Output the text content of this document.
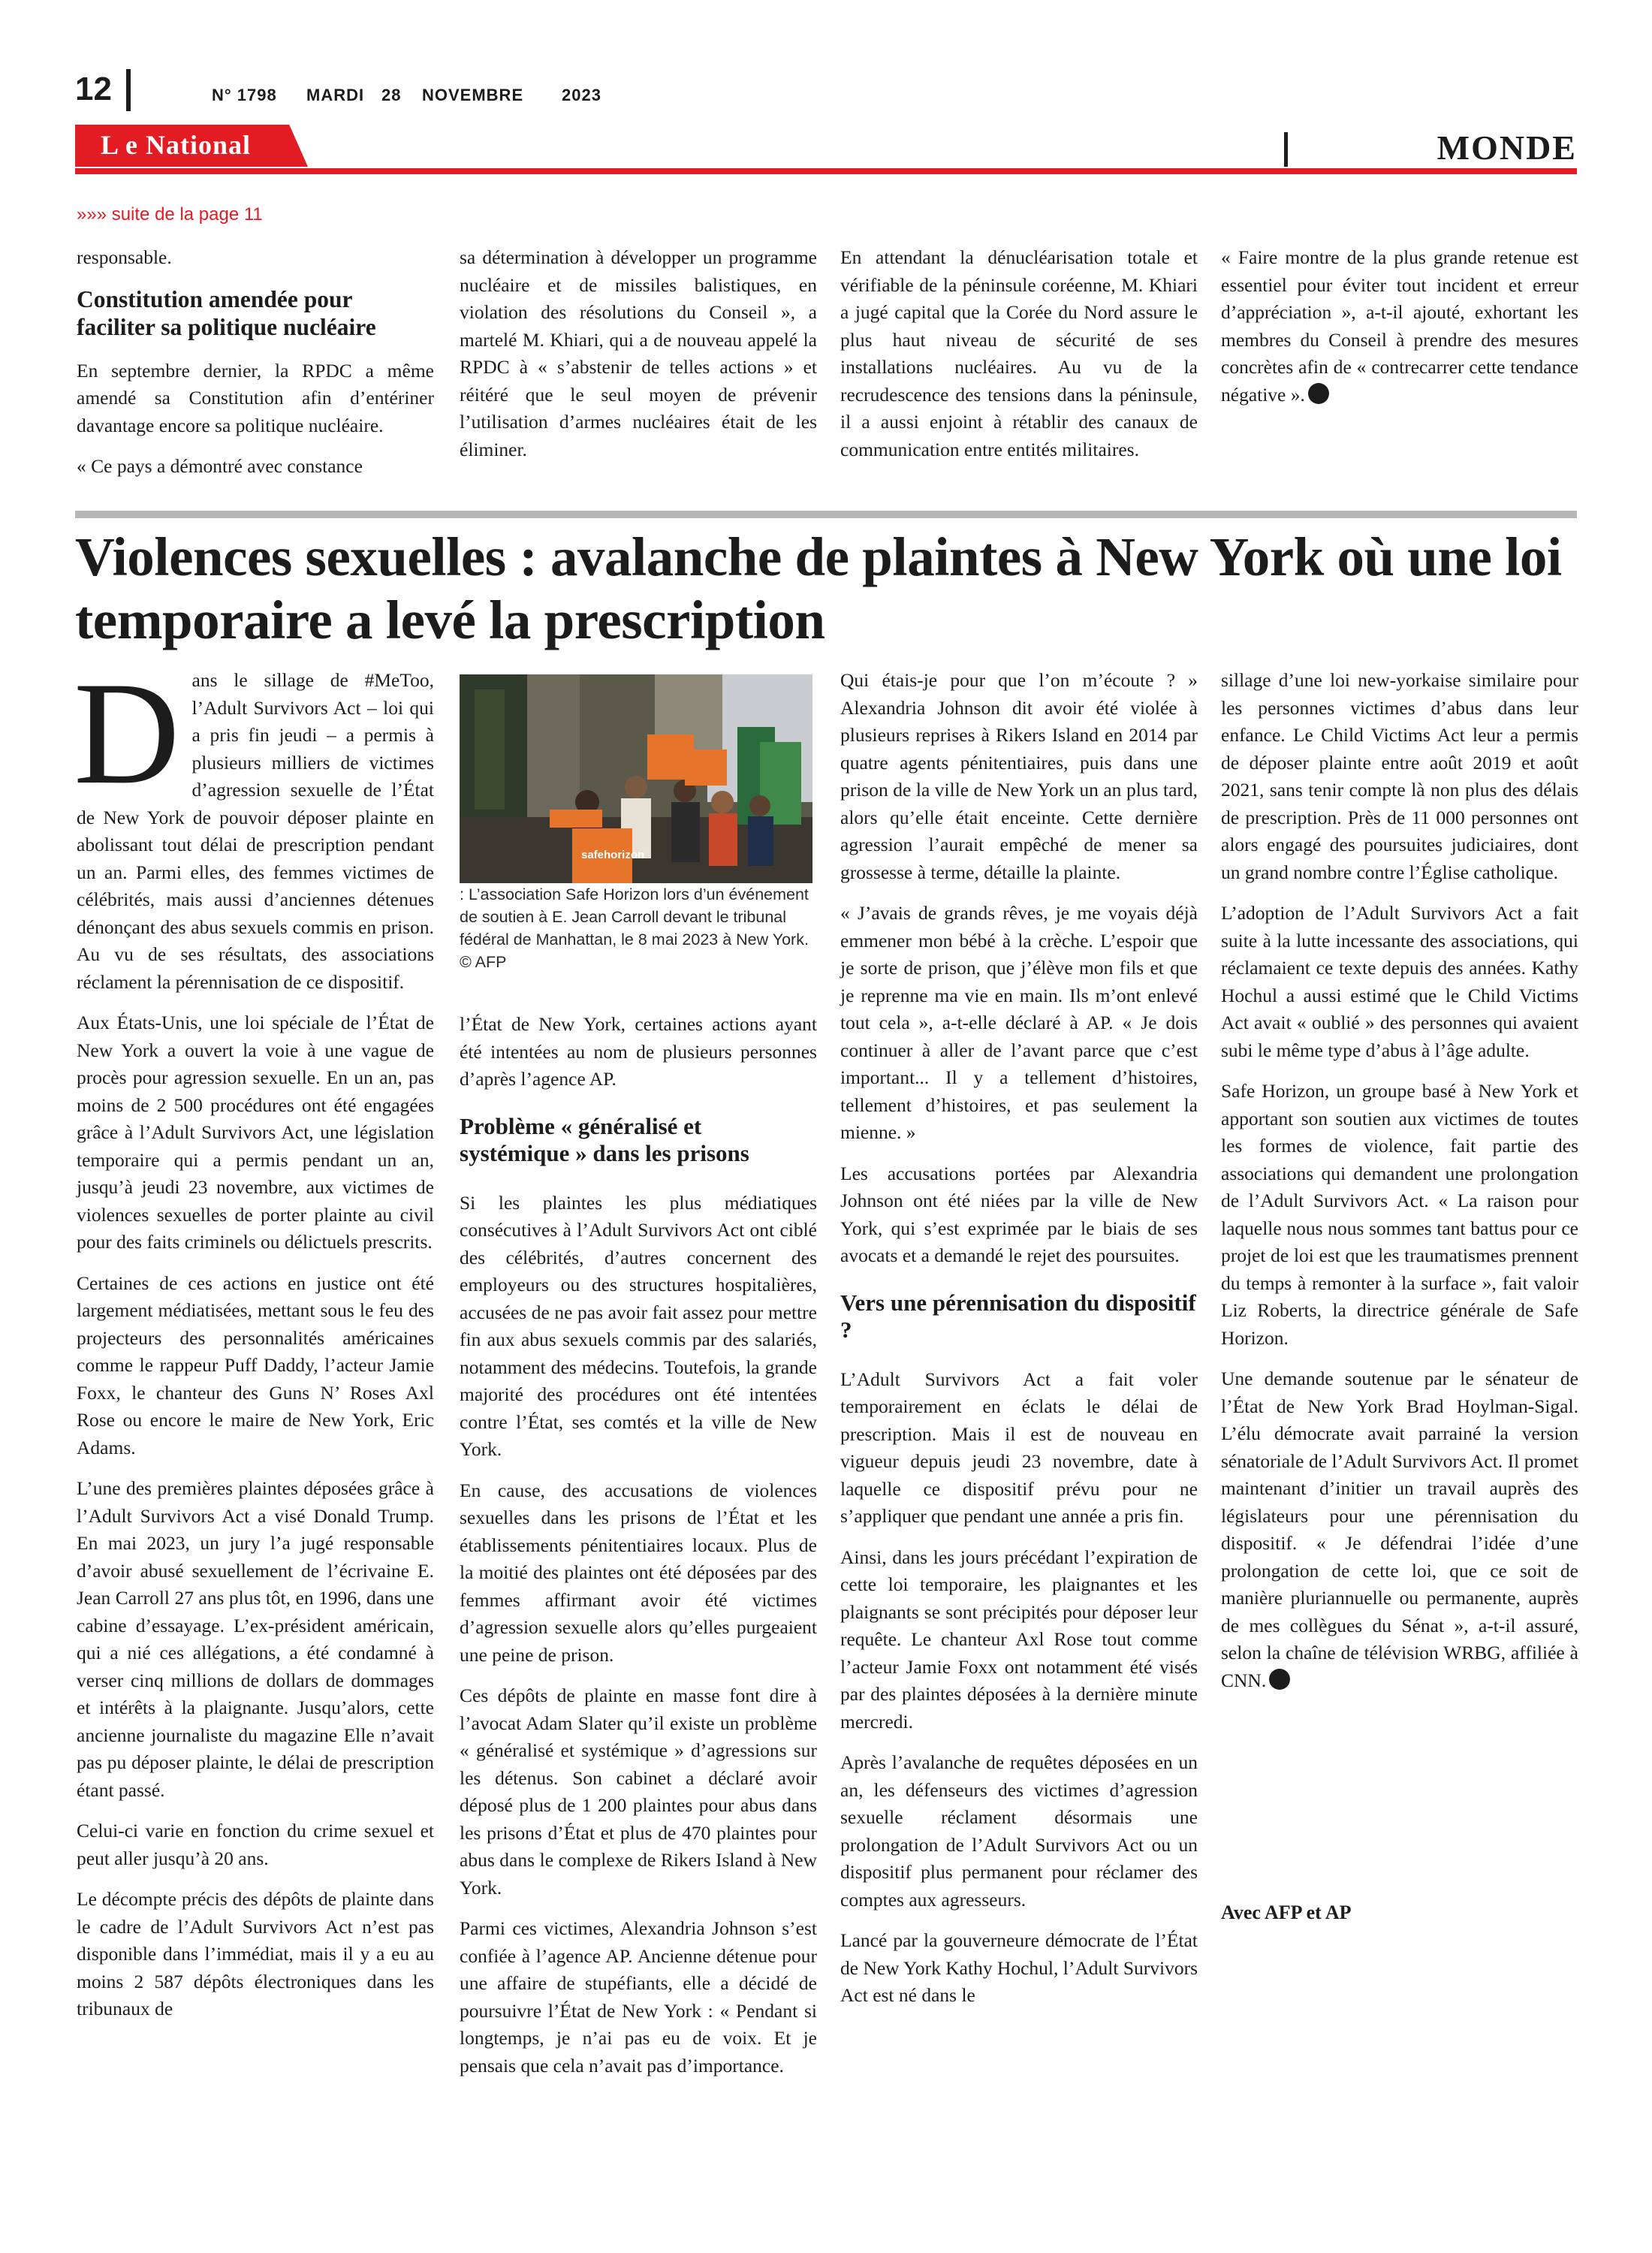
12	N° 1798 MARDI 28 NOVEMBRE 2023
L e National	MONDE
»»» suite de la page 11

responsable.

Constitution amendée pour faciliter sa politique nucléaire

En septembre dernier, la RPDC a même amendé sa Constitution afin d’entériner davantage encore sa politique nucléaire.

« Ce pays a démontré avec constance

sa détermination à développer un programme nucléaire et de missiles balistiques, en violation des résolutions du Conseil », a martelé M. Khiari, qui a de nouveau appelé la RPDC à « s’abstenir de telles actions » et réitéré que le seul moyen de prévenir l’utilisation d’armes nucléaires était de les éliminer.

En attendant la dénucléarisation totale et vérifiable de la péninsule coréenne, M. Khiari a jugé capital que la Corée du Nord assure le plus haut niveau de sécurité de ses installations nucléaires. Au vu de la recrudescence des tensions dans la péninsule, il a aussi enjoint à rétablir des canaux de communication entre entités militaires.

« Faire montre de la plus grande retenue est essentiel pour éviter tout incident et erreur d’appréciation », a-t-il ajouté, exhortant les membres du Conseil à prendre des mesures concrètes afin de « contrecarrer cette tendance négative ».

Violences sexuelles : avalanche de plaintes à New York où une loi temporaire a levé la prescription

Dans le sillage de #MeToo, l’Adult Survivors Act – loi qui a pris fin jeudi – a permis à plusieurs milliers de victimes d’agression sexuelle de l’État de New York de pouvoir déposer plainte en abolissant tout délai de prescription pendant un an. Parmi elles, des femmes victimes de célébrités, mais aussi d’anciennes détenues dénonçant des abus sexuels commis en prison. Au vu de ses résultats, des associations réclament la pérennisation de ce dispositif.

Aux États-Unis, une loi spéciale de l’État de New York a ouvert la voie à une vague de procès pour agression sexuelle. En un an, pas moins de 2 500 procédures ont été engagées grâce à l’Adult Survivors Act, une législation temporaire qui a permis pendant un an, jusqu’à jeudi 23 novembre, aux victimes de violences sexuelles de porter plainte au civil pour des faits criminels ou délictuels prescrits.

Certaines de ces actions en justice ont été largement médiatisées, mettant sous le feu des projecteurs des personnalités américaines comme le rappeur Puff Daddy, l’acteur Jamie Foxx, le chanteur des Guns N’ Roses Axl Rose ou encore le maire de New York, Eric Adams.

L’une des premières plaintes déposées grâce à l’Adult Survivors Act a visé Donald Trump. En mai 2023, un jury l’a jugé responsable d’avoir abusé sexuellement de l’écrivaine E. Jean Carroll 27 ans plus tôt, en 1996, dans une cabine d’essayage. L’ex-président américain, qui a nié ces allégations, a été condamné à verser cinq millions de dollars de dommages et intérêts à la plaignante. Jusqu’alors, cette ancienne journaliste du magazine Elle n’avait pas pu déposer plainte, le délai de prescription étant passé.

Celui-ci varie en fonction du crime sexuel et peut aller jusqu’à 20 ans.

Le décompte précis des dépôts de plainte dans le cadre de l’Adult Survivors Act n’est pas disponible dans l’immédiat, mais il y a eu au moins 2 587 dépôts électroniques dans les tribunaux de

safehorizon
: L’association Safe Horizon lors d’un événement de soutien à E. Jean Carroll devant le tribunal fédéral de Manhattan, le 8 mai 2023 à New York. © AFP

l’État de New York, certaines actions ayant été intentées au nom de plusieurs personnes d’après l’agence AP.

Problème « généralisé et systémique » dans les prisons

Si les plaintes les plus médiatiques consécutives à l’Adult Survivors Act ont ciblé des célébrités, d’autres concernent des employeurs ou des structures hospitalières, accusées de ne pas avoir fait assez pour mettre fin aux abus sexuels commis par des salariés, notamment des médecins. Toutefois, la grande majorité des procédures ont été intentées contre l’État, ses comtés et la ville de New York.

En cause, des accusations de violences sexuelles dans les prisons de l’État et les établissements pénitentiaires locaux. Plus de la moitié des plaintes ont été déposées par des femmes affirmant avoir été victimes d’agression sexuelle alors qu’elles purgeaient une peine de prison.

Ces dépôts de plainte en masse font dire à l’avocat Adam Slater qu’il existe un problème « généralisé et systémique » d’agressions sur les détenus. Son cabinet a déclaré avoir déposé plus de 1 200 plaintes pour abus dans les prisons d’État et plus de 470 plaintes pour abus dans le complexe de Rikers Island à New York.

Parmi ces victimes, Alexandria Johnson s’est confiée à l’agence AP. Ancienne détenue pour une affaire de stupéfiants, elle a décidé de poursuivre l’État de New York : « Pendant si longtemps, je n’ai pas eu de voix. Et je pensais que cela n’avait pas d’importance.

Qui étais-je pour que l’on m’écoute ? » Alexandria Johnson dit avoir été violée à plusieurs reprises à Rikers Island en 2014 par quatre agents pénitentiaires, puis dans une prison de la ville de New York un an plus tard, alors qu’elle était enceinte. Cette dernière agression l’aurait empêché de mener sa grossesse à terme, détaille la plainte.

« J’avais de grands rêves, je me voyais déjà emmener mon bébé à la crèche. L’espoir que je sorte de prison, que j’élève mon fils et que je reprenne ma vie en main. Ils m’ont enlevé tout cela », a-t-elle déclaré à AP. « Je dois continuer à aller de l’avant parce que c’est important... Il y a tellement d’histoires, tellement d’histoires, et pas seulement la mienne. »

Les accusations portées par Alexandria Johnson ont été niées par la ville de New York, qui s’est exprimée par le biais de ses avocats et a demandé le rejet des poursuites.

Vers une pérennisation du dispositif ?

L’Adult Survivors Act a fait voler temporairement en éclats le délai de prescription. Mais il est de nouveau en vigueur depuis jeudi 23 novembre, date à laquelle ce dispositif prévu pour ne s’appliquer que pendant une année a pris fin.

Ainsi, dans les jours précédant l’expiration de cette loi temporaire, les plaignantes et les plaignants se sont précipités pour déposer leur requête. Le chanteur Axl Rose tout comme l’acteur Jamie Foxx ont notamment été visés par des plaintes déposées à la dernière minute mercredi.

Après l’avalanche de requêtes déposées en un an, les défenseurs des victimes d’agression sexuelle réclament désormais une prolongation de l’Adult Survivors Act ou un dispositif plus permanent pour réclamer des comptes aux agresseurs.

Lancé par la gouverneure démocrate de l’État de New York Kathy Hochul, l’Adult Survivors Act est né dans le

sillage d’une loi new-yorkaise similaire pour les personnes victimes d’abus dans leur enfance. Le Child Victims Act leur a permis de déposer plainte entre août 2019 et août 2021, sans tenir compte là non plus des délais de prescription. Près de 11 000 personnes ont alors engagé des poursuites judiciaires, dont un grand nombre contre l’Église catholique.

L’adoption de l’Adult Survivors Act a fait suite à la lutte incessante des associations, qui réclamaient ce texte depuis des années. Kathy Hochul a aussi estimé que le Child Victims Act avait « oublié » des personnes qui avaient subi le même type d’abus à l’âge adulte.

Safe Horizon, un groupe basé à New York et apportant son soutien aux victimes de toutes les formes de violence, fait partie des associations qui demandent une prolongation de l’Adult Survivors Act. « La raison pour laquelle nous nous sommes tant battus pour ce projet de loi est que les traumatismes prennent du temps à remonter à la surface », fait valoir Liz Roberts, la directrice générale de Safe Horizon.

Une demande soutenue par le sénateur de l’État de New York Brad Hoylman-Sigal. L’élu démocrate avait parrainé la version sénatoriale de l’Adult Survivors Act. Il promet maintenant d’initier un travail auprès des législateurs pour une pérennisation du dispositif. « Je défendrai l’idée d’une prolongation de cette loi, que ce soit de manière pluriannuelle ou permanente, auprès de mes collègues du Sénat », a-t-il assuré, selon la chaîne de télévision WRBG, affiliée à CNN.

Avec AFP et AP
